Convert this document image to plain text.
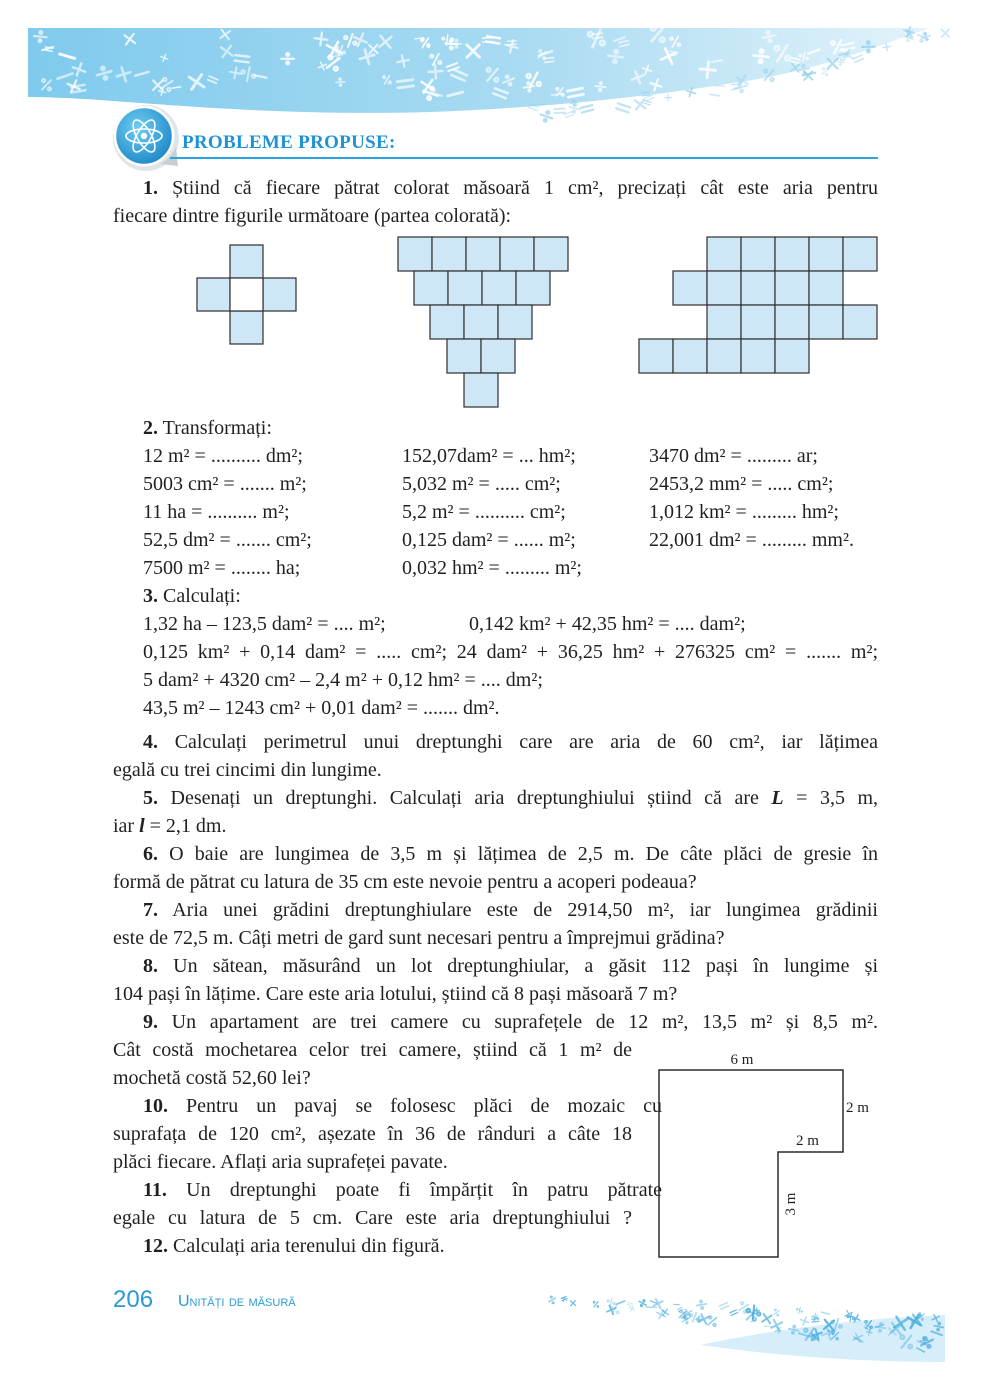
PROBLEME PROPUSE:
1. Știind că fiecare pătrat colorat măsoară 1 cm², precizați cât este aria pentru
fiecare dintre figurile următoare (partea colorată):
2. Transformați:
12 m² = .......... dm²;	152,07dam² = ... hm²;	3470 dm² = ......... ar;
5003 cm² = ....... m²;	5,032 m² = ..... cm²;	2453,2 mm² = ..... cm²;
11 ha = .......... m²;	5,2 m² = .......... cm²;	1,012 km² = ......... hm²;
52,5 dm² = ....... cm²;	0,125 dam² = ...... m²;	22,001 dm² = ......... mm².
7500 m² = ........ ha;	0,032 hm² = ......... m²;
3. Calculați:
1,32 ha – 123,5 dam² = .... m²;	0,142 km² + 42,35 hm² = .... dam²;
0,125 km² + 0,14 dam² = ..... cm²; 24 dam² + 36,25 hm² + 276325 cm² = ....... m²;
5 dam² + 4320 cm² – 2,4 m² + 0,12 hm² = .... dm²;
43,5 m² – 1243 cm² + 0,01 dam² = ....... dm².
4. Calculați perimetrul unui dreptunghi care are aria de 60 cm², iar lățimea
egală cu trei cincimi din lungime.
5. Desenați un dreptunghi. Calculați aria dreptunghiului știind că are L = 3,5 m,
iar l = 2,1 dm.
6. O baie are lungimea de 3,5 m și lățimea de 2,5 m. De câte plăci de gresie în
formă de pătrat cu latura de 35 cm este nevoie pentru a acoperi podeaua?
7. Aria unei grădini dreptunghiulare este de 2914,50 m², iar lungimea grădinii
este de 72,5 m. Câți metri de gard sunt necesari pentru a împrejmui grădina?
8. Un sătean, măsurând un lot dreptunghiular, a găsit 112 pași în lungime și
104 pași în lățime. Care este aria lotului, știind că 8 pași măsoară 7 m?
9. Un apartament are trei camere cu suprafețele de 12 m², 13,5 m² și 8,5 m².
Cât costă mochetarea celor trei camere, știind că 1 m² de
mochetă costă 52,60 lei?
10. Pentru un pavaj se folosesc plăci de mozaic cu
suprafața de 120 cm², așezate în 36 de rânduri a câte 18
plăci fiecare. Aflați aria suprafeței pavate.
11. Un dreptunghi poate fi împărțit în patru pătrate
egale cu latura de 5 cm. Care este aria dreptunghiului ?
12. Calculați aria terenului din figură.
6 m
2 m
2 m
3 m
206 Unități de măsură
